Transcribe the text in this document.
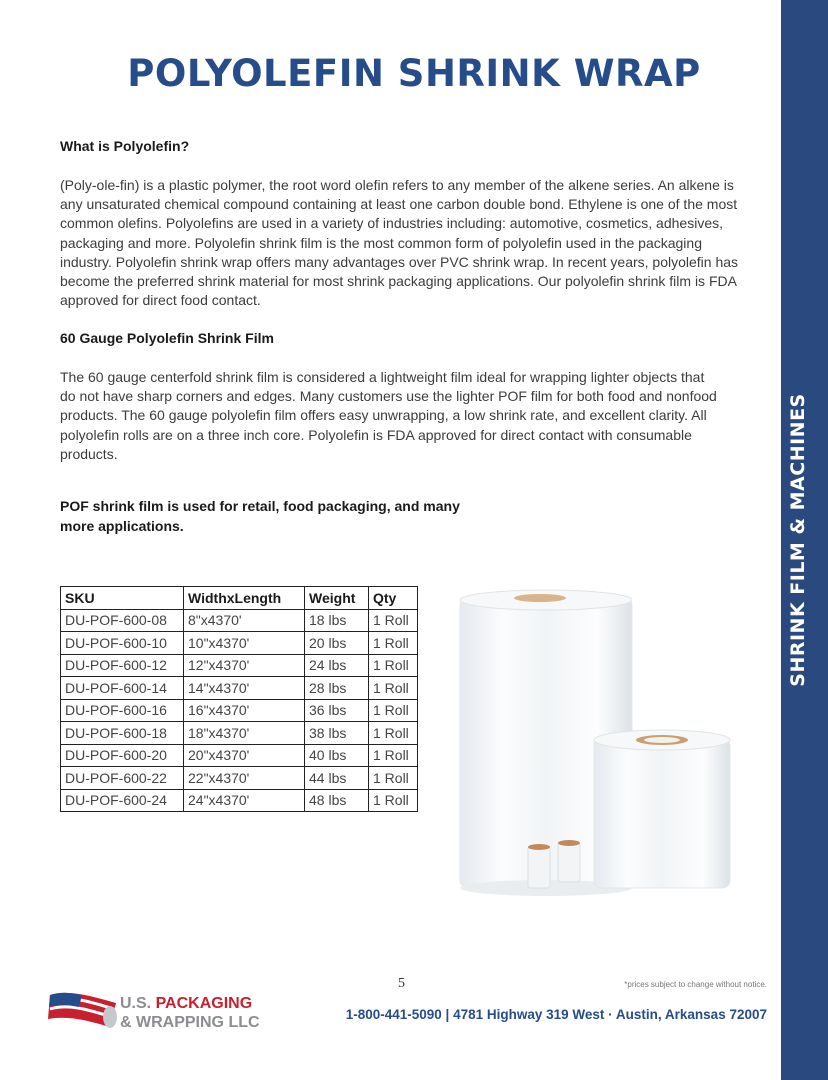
SHRINK FILM & MACHINES
POLYOLEFIN SHRINK WRAP
What is Polyolefin?
(Poly-ole-fin) is a plastic polymer, the root word olefin refers to any member of the alkene series. An alkene is
any unsaturated chemical compound containing at least one carbon double bond. Ethylene is one of the most
common olefins. Polyolefins are used in a variety of industries including: automotive, cosmetics, adhesives,
packaging and more. Polyolefin shrink film is the most common form of polyolefin used in the packaging
industry. Polyolefin shrink wrap offers many advantages over PVC shrink wrap. In recent years, polyolefin has
become the preferred shrink material for most shrink packaging applications. Our polyolefin shrink film is FDA
approved for direct food contact.
60 Gauge Polyolefin Shrink Film
The 60 gauge centerfold shrink film is considered a lightweight film ideal for wrapping lighter objects that
do not have sharp corners and edges. Many customers use the lighter POF film for both food and nonfood
products. The 60 gauge polyolefin film offers easy unwrapping, a low shrink rate, and excellent clarity. All
polyolefin rolls are on a three inch core. Polyolefin is FDA approved for direct contact with consumable
products.
POF shrink film is used for retail, food packaging, and many
more applications.
SKU	WidthxLength	Weight	Qty
DU-POF-600-08	8"x4370'	18 lbs	1 Roll
DU-POF-600-10	10"x4370'	20 lbs	1 Roll
DU-POF-600-12	12"x4370'	24 lbs	1 Roll
DU-POF-600-14	14"x4370'	28 lbs	1 Roll
DU-POF-600-16	16"x4370'	36 lbs	1 Roll
DU-POF-600-18	18"x4370'	38 lbs	1 Roll
DU-POF-600-20	20"x4370'	40 lbs	1 Roll
DU-POF-600-22	22"x4370'	44 lbs	1 Roll
DU-POF-600-24	24"x4370'	48 lbs	1 Roll
5	*prices subject to change without notice.
U.S. PACKAGING
& WRAPPING LLC	1-800-441-5090 | 4781 Highway 319 West · Austin, Arkansas 72007
